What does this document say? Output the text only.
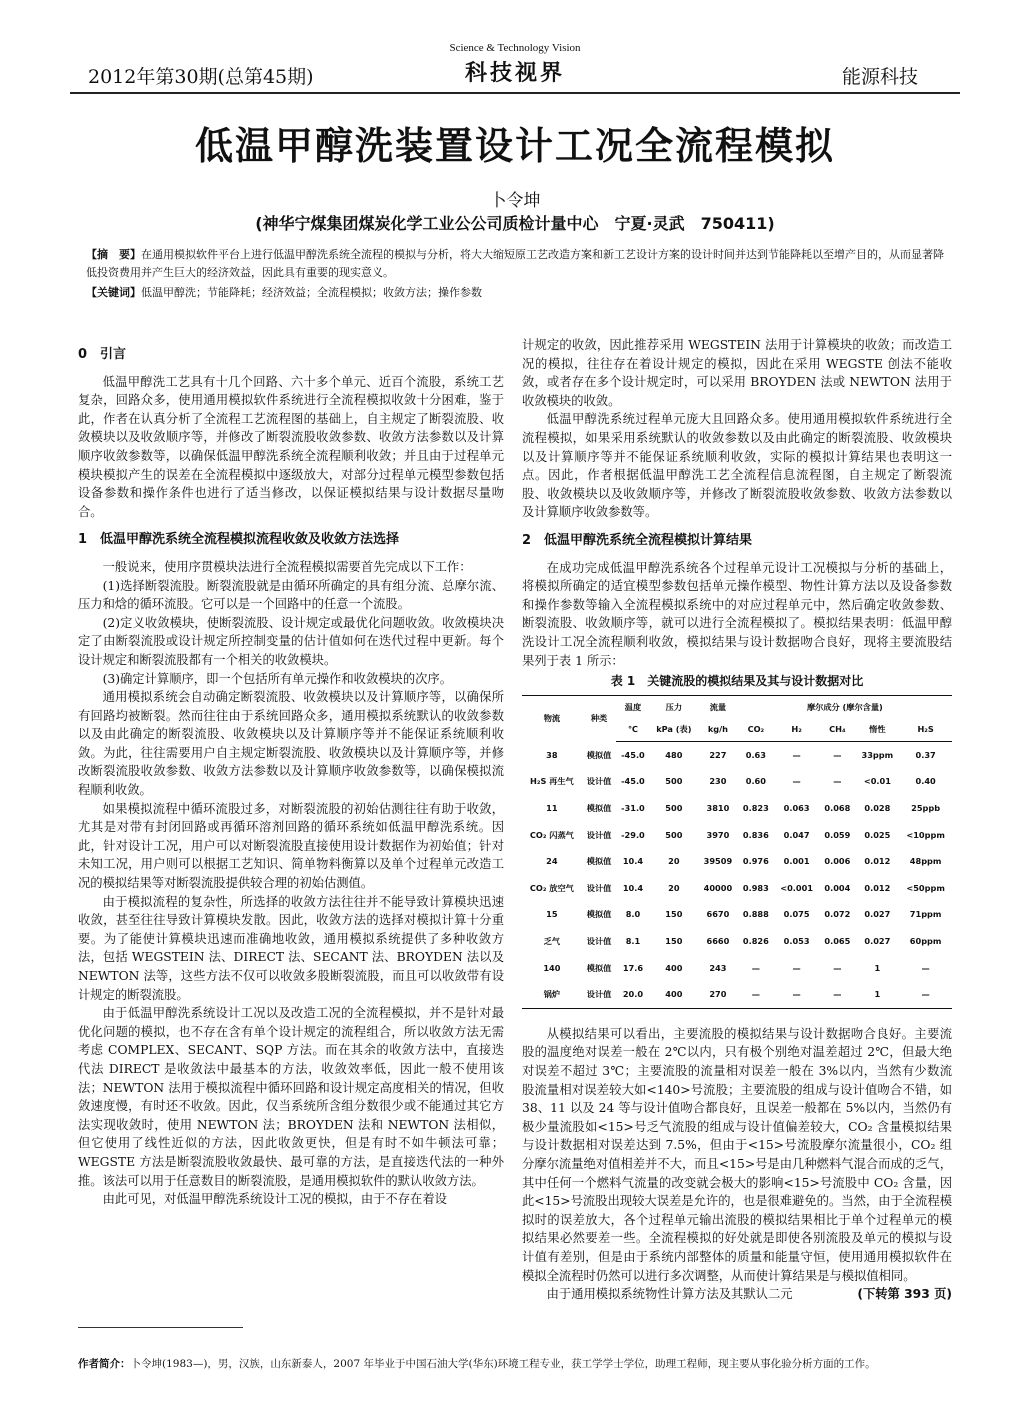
2012年第30期(总第45期)
Science & Technology Vision
科技视界	能源科技
低温甲醇洗装置设计工况全流程模拟
卜令坤
(神华宁煤集团煤炭化学工业公公司质检计量中心　宁夏·灵武　750411)
【摘　要】在通用模拟软件平台上进行低温甲醇洗系统全流程的模拟与分析，将大大缩短原工艺改造方案和新工艺设计方案的设计时间并达到节能降耗以至增产目的，从而显著降低投资费用并产生巨大的经济效益，因此具有重要的现实意义。
【关键词】低温甲醇洗；节能降耗；经济效益；全流程模拟；收敛方法；操作参数
0　引言

低温甲醇洗工艺具有十几个回路、六十多个单元、近百个流股，系统工艺复杂，回路众多，使用通用模拟软件系统进行全流程模拟收敛十分困难，鉴于此，作者在认真分析了全流程工艺流程图的基础上，自主规定了断裂流股、收敛模块以及收敛顺序等，并修改了断裂流股收敛参数、收敛方法参数以及计算顺序收敛参数等，以确保低温甲醇洗系统全流程顺利收敛；并且由于过程单元模块模拟产生的误差在全流程模拟中逐级放大，对部分过程单元模型参数包括设备参数和操作条件也进行了适当修改，以保证模拟结果与设计数据尽量吻合。

1　低温甲醇洗系统全流程模拟流程收敛及收敛方法选择

一般说来，使用序贯模块法进行全流程模拟需要首先完成以下工作：

(1)选择断裂流股。断裂流股就是由循环所确定的具有组分流、总摩尔流、压力和焓的循环流股。它可以是一个回路中的任意一个流股。

(2)定义收敛模块，使断裂流股、设计规定或最优化问题收敛。收敛模块决定了由断裂流股或设计规定所控制变量的估计值如何在迭代过程中更新。每个设计规定和断裂流股都有一个相关的收敛模块。

(3)确定计算顺序，即一个包括所有单元操作和收敛模块的次序。

通用模拟系统会自动确定断裂流股、收敛模块以及计算顺序等，以确保所有回路均被断裂。然而往往由于系统回路众多，通用模拟系统默认的收敛参数以及由此确定的断裂流股、收敛模块以及计算顺序等并不能保证系统顺利收敛。为此，往往需要用户自主规定断裂流股、收敛模块以及计算顺序等，并修改断裂流股收敛参数、收敛方法参数以及计算顺序收敛参数等，以确保模拟流程顺利收敛。

如果模拟流程中循环流股过多，对断裂流股的初始估测往往有助于收敛，尤其是对带有封闭回路或再循环溶剂回路的循环系统如低温甲醇洗系统。因此，针对设计工况，用户可以对断裂流股直接使用设计数据作为初始值；针对未知工况，用户则可以根据工艺知识、简单物料衡算以及单个过程单元改造工况的模拟结果等对断裂流股提供较合理的初始估测值。

由于模拟流程的复杂性，所选择的收敛方法往往并不能导致计算模块迅速收敛，甚至往往导致计算模块发散。因此，收敛方法的选择对模拟计算十分重要。为了能使计算模块迅速而准确地收敛，通用模拟系统提供了多种收敛方法，包括 WEGSTEIN 法、DIRECT 法、SECANT 法、BROYDEN 法以及 NEWTON 法等，这些方法不仅可以收敛多股断裂流股，而且可以收敛带有设计规定的断裂流股。

由于低温甲醇洗系统设计工况以及改造工况的全流程模拟，并不是针对最优化问题的模拟，也不存在含有单个设计规定的流程组合，所以收敛方法无需考虑 COMPLEX、SECANT、SQP 方法。而在其余的收敛方法中，直接迭代法 DIRECT 是收敛法中最基本的方法，收敛效率低，因此一般不使用该法；NEWTON 法用于模拟流程中循环回路和设计规定高度相关的情况，但收敛速度慢，有时还不收敛。因此，仅当系统所含组分数很少或不能通过其它方法实现收敛时，使用 NEWTON 法；BROYDEN 法和 NEWTON 法相似，但它使用了线性近似的方法，因此收敛更快，但是有时不如牛顿法可靠；WEGSTE 方法是断裂流股收敛最快、最可靠的方法，是直接迭代法的一种外推。该法可以用于任意数目的断裂流股，是通用模拟软件的默认收敛方法。

由此可见，对低温甲醇洗系统设计工况的模拟，由于不存在着设

计规定的收敛，因此推荐采用 WEGSTEIN 法用于计算模块的收敛；而改造工况的模拟，往往存在着设计规定的模拟，因此在采用 WEGSTE 创法不能收敛，或者存在多个设计规定时，可以采用 BROYDEN 法或 NEWTON 法用于收敛模块的收敛。

低温甲醇洗系统过程单元庞大且回路众多。使用通用模拟软件系统进行全流程模拟，如果采用系统默认的收敛参数以及由此确定的断裂流股、收敛模块以及计算顺序等并不能保证系统顺利收敛，实际的模拟计算结果也表明这一点。因此，作者根据低温甲醇洗工艺全流程信息流程图，自主规定了断裂流股、收敛模块以及收敛顺序等，并修改了断裂流股收敛参数、收敛方法参数以及计算顺序收敛参数等。

2　低温甲醇洗系统全流程模拟计算结果

在成功完成低温甲醇洗系统各个过程单元设计工况模拟与分析的基础上，将模拟所确定的适宜模型参数包括单元操作模型、物性计算方法以及设备参数和操作参数等输入全流程模拟系统中的对应过程单元中，然后确定收敛参数、断裂流股、收敛顺序等，就可以进行全流程模拟了。模拟结果表明：低温甲醇洗设计工况全流程顺利收敛，模拟结果与设计数据吻合良好，现将主要流股结果列于表 1 所示：

表 1　关键流股的模拟结果及其与设计数据对比
物流	种类	温度	压力	流量	摩尔成分 (摩尔含量)				
		℃	kPa (表)	kg/h	CO₂	H₂	CH₄	惰性	H₂S
38	模拟值	-45.0	480	227	0.63	—	—	33ppm	0.37
H₂S 再生气	设计值	-45.0	500	230	0.60	—	—	<0.01	0.40
11	模拟值	-31.0	500	3810	0.823	0.063	0.068	0.028	25ppb
CO₂ 闪蒸气	设计值	-29.0	500	3970	0.836	0.047	0.059	0.025	<10ppm
24	模拟值	10.4	20	39509	0.976	0.001	0.006	0.012	48ppm
CO₂ 放空气	设计值	10.4	20	40000	0.983	<0.001	0.004	0.012	<50ppm
15	模拟值	8.0	150	6670	0.888	0.075	0.072	0.027	71ppm
乏气	设计值	8.1	150	6660	0.826	0.053	0.065	0.027	60ppm
140	模拟值	17.6	400	243	—	—	—	1	—
锅炉	设计值	20.0	400	270	—	—	—	1	—

从模拟结果可以看出，主要流股的模拟结果与设计数据吻合良好。主要流股的温度绝对误差一般在 2℃以内，只有极个别绝对温差超过 2℃，但最大绝对误差不超过 3℃；主要流股的流量相对误差一般在 3%以内，当然有少数流股流量相对误差较大如<140>号流股；主要流股的组成与设计值吻合不错，如 38、11 以及 24 等与设计值吻合都良好，且误差一般都在 5%以内，当然仍有极少量流股如<15>号乏气流股的组成与设计值偏差较大，CO₂ 含量模拟结果与设计数据相对误差达到 7.5%，但由于<15>号流股摩尔流量很小，CO₂ 组分摩尔流量绝对值相差并不大，而且<15>号是由几种燃料气混合而成的乏气，其中任何一个燃料气流量的改变就会极大的影响<15>号流股中 CO₂ 含量，因此<15>号流股出现较大误差是允许的，也是很难避免的。当然，由于全流程模拟时的误差放大，各个过程单元输出流股的模拟结果相比于单个过程单元的模拟结果必然要差一些。全流程模拟的好处就是即使各别流股及单元的模拟与设计值有差别，但是由于系统内部整体的质量和能量守恒，使用通用模拟软件在模拟全流程时仍然可以进行多次调整，从而使计算结果是与模拟值相同。

由于通用模拟系统物性计算方法及其默认二元	(下转第 393 页)

作者简介：卜令坤(1983—)，男，汉族，山东新泰人，2007 年毕业于中国石油大学(华东)环境工程专业，获工学学士学位，助理工程师，现主要从事化验分析方面的工作。
